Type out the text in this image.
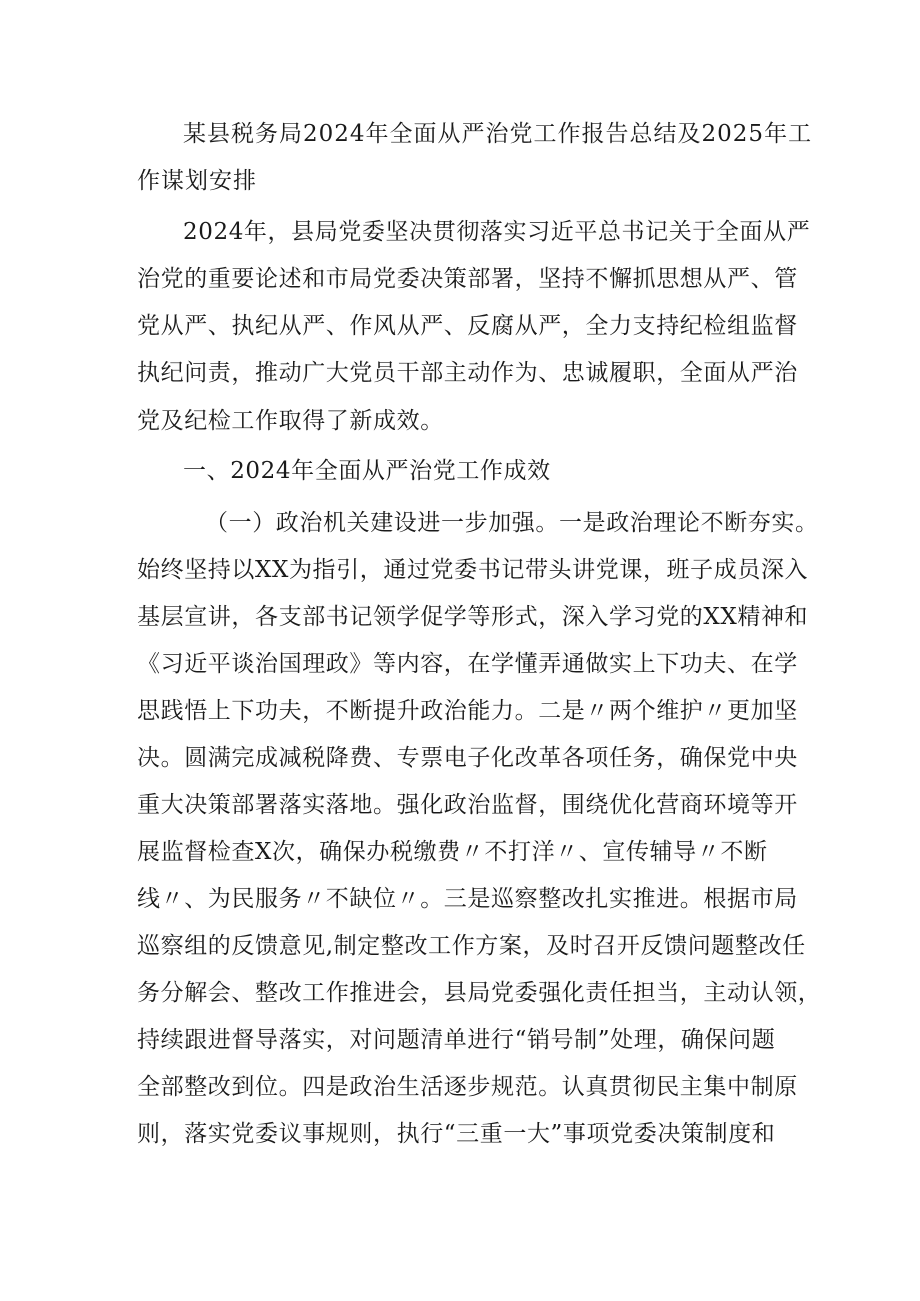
某县税务局2024年全面从严治党工作报告总结及2025年工
作谋划安排
2024年，县局党委坚决贯彻落实习近平总书记关于全面从严
治党的重要论述和市局党委决策部署，坚持不懈抓思想从严、管
党从严、执纪从严、作风从严、反腐从严，全力支持纪检组监督
执纪问责，推动广大党员干部主动作为、忠诚履职，全面从严治
党及纪检工作取得了新成效。
一、2024年全面从严治党工作成效
（一）政治机关建设进一步加强。一是政治理论不断夯实。
始终坚持以XX为指引，通过党委书记带头讲党课，班子成员深入
基层宣讲，各支部书记领学促学等形式，深入学习党的XX精神和
《习近平谈治国理政》等内容，在学懂弄通做实上下功夫、在学
思践悟上下功夫，不断提升政治能力。二是〃两个维护〃更加坚
决。圆满完成减税降费、专票电子化改革各项任务，确保党中央
重大决策部署落实落地。强化政治监督，围绕优化营商环境等开
展监督检查X次，确保办税缴费〃不打洋〃、宣传辅导〃不断
线〃、为民服务〃不缺位〃。三是巡察整改扎实推进。根据市局
巡察组的反馈意见,制定整改工作方案，及时召开反馈问题整改任
务分解会、整改工作推进会，县局党委强化责任担当，主动认领，
持续跟进督导落实，对问题清单进行“销号制”处理，确保问题
全部整改到位。四是政治生活逐步规范。认真贯彻民主集中制原
则，落实党委议事规则，执行“三重一大”事项党委决策制度和
